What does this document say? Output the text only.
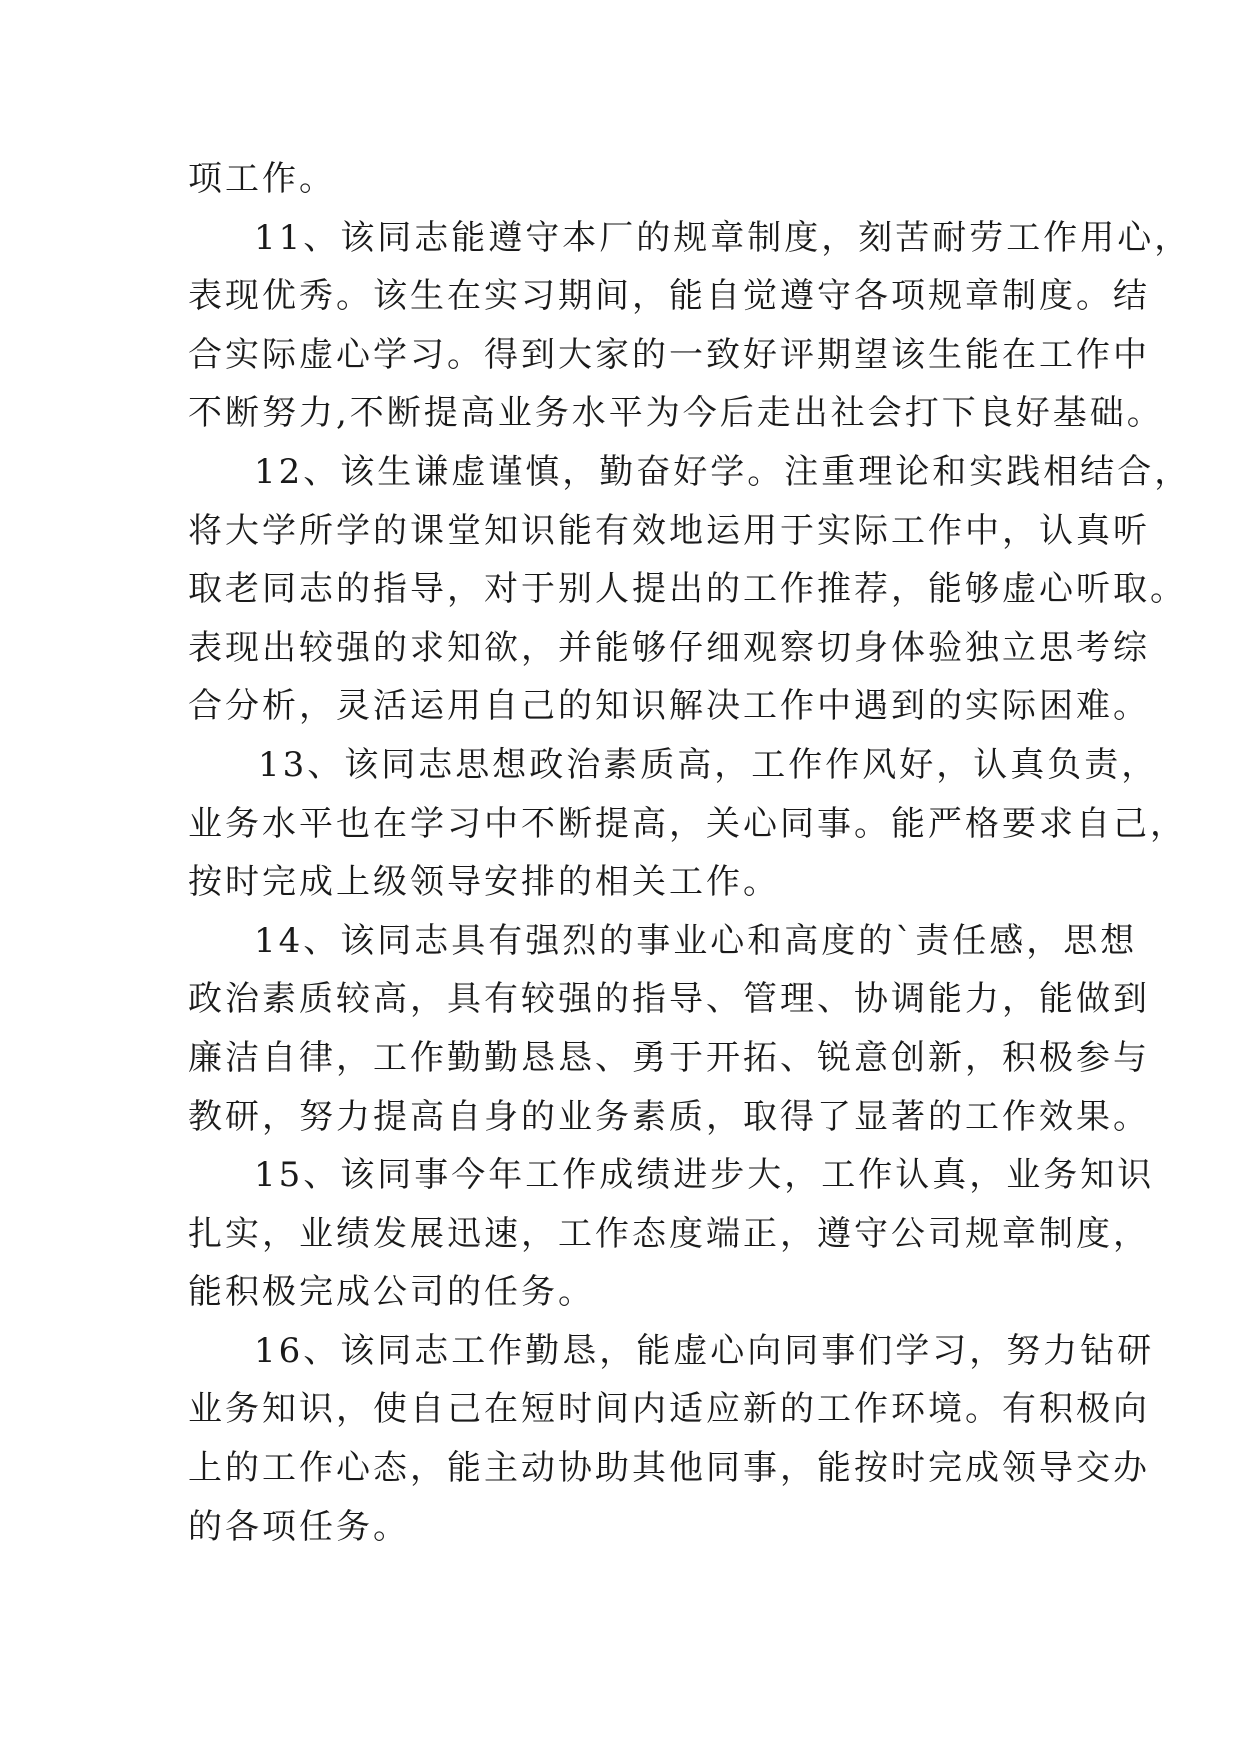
项工作。
11、该同志能遵守本厂的规章制度，刻苦耐劳工作用心，
表现优秀。该生在实习期间，能自觉遵守各项规章制度。结
合实际虚心学习。得到大家的一致好评期望该生能在工作中
不断努力,不断提高业务水平为今后走出社会打下良好基础。
12、该生谦虚谨慎，勤奋好学。注重理论和实践相结合，
将大学所学的课堂知识能有效地运用于实际工作中，认真听
取老同志的指导，对于别人提出的工作推荐，能够虚心听取。
表现出较强的求知欲，并能够仔细观察切身体验独立思考综
合分析，灵活运用自己的知识解决工作中遇到的实际困难。
13、该同志思想政治素质高，工作作风好，认真负责，
业务水平也在学习中不断提高，关心同事。能严格要求自己，
按时完成上级领导安排的相关工作。
14、该同志具有强烈的事业心和高度的`责任感，思想
政治素质较高，具有较强的指导、管理、协调能力，能做到
廉洁自律，工作勤勤恳恳、勇于开拓、锐意创新，积极参与
教研，努力提高自身的业务素质，取得了显著的工作效果。
15、该同事今年工作成绩进步大，工作认真，业务知识
扎实，业绩发展迅速，工作态度端正，遵守公司规章制度，
能积极完成公司的任务。
16、该同志工作勤恳，能虚心向同事们学习，努力钻研
业务知识，使自己在短时间内适应新的工作环境。有积极向
上的工作心态，能主动协助其他同事，能按时完成领导交办
的各项任务。
